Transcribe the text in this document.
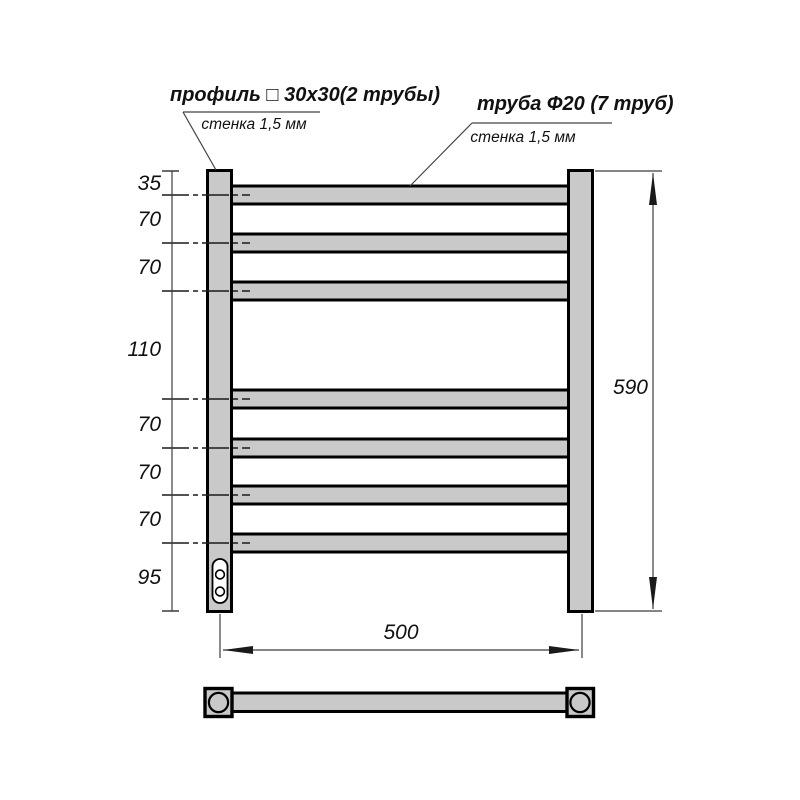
35
70
70
110
70
70
70
95
590
500
профиль □ 30x30(2 трубы)
стенка 1,5 мм
труба Ф20 (7 труб)
стенка 1,5 мм
